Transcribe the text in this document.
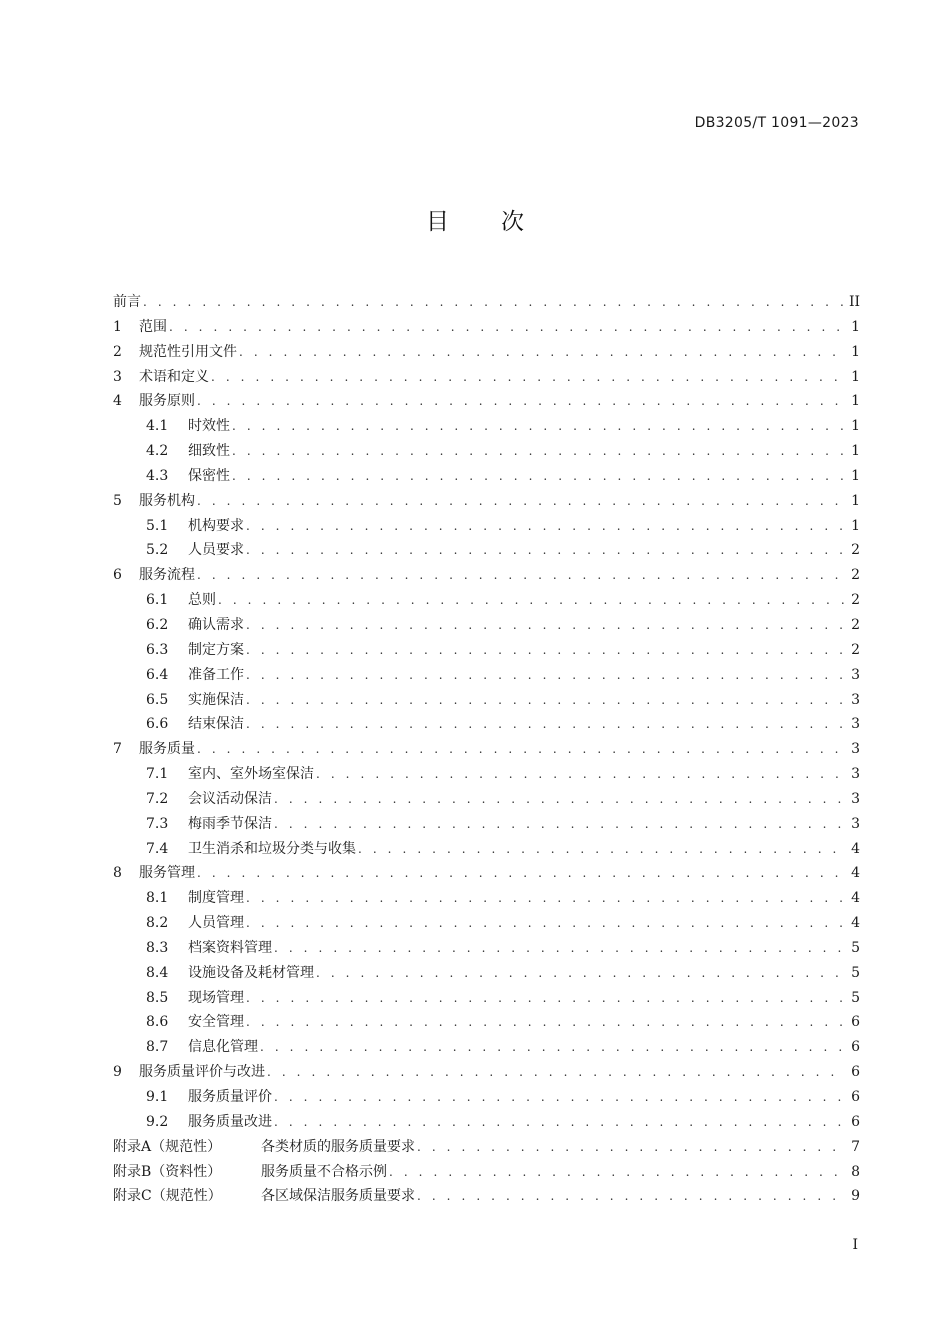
DB3205/T 1091—2023
目次
前言 . . .	II
1	范围 . . .	1
2	规范性引用文件 . . .	1
3	术语和定义 . . .	1
4	服务原则 . . .	1
4.1	时效性 . . .	1
4.2	细致性 . . .	1
4.3	保密性 . . .	1
5	服务机构 . . .	1
5.1	机构要求 . . .	1
5.2	人员要求 . . .	2
6	服务流程 . . .	2
6.1	总则 . . .	2
6.2	确认需求 . . .	2
6.3	制定方案 . . .	2
6.4	准备工作 . . .	3
6.5	实施保洁 . . .	3
6.6	结束保洁 . . .	3
7	服务质量 . . .	3
7.1	室内、室外场室保洁 . . .	3
7.2	会议活动保洁 . . .	3
7.3	梅雨季节保洁 . . .	3
7.4	卫生消杀和垃圾分类与收集 . . .	4
8	服务管理 . . .	4
8.1	制度管理 . . .	4
8.2	人员管理 . . .	4
8.3	档案资料管理 . . .	5
8.4	设施设备及耗材管理 . . .	5
8.5	现场管理 . . .	5
8.6	安全管理 . . .	6
8.7	信息化管理 . . .	6
9	服务质量评价与改进 . . .	6
9.1	服务质量评价 . . .	6
9.2	服务质量改进 . . .	6
附录A（规范性）	各类材质的服务质量要求 . . .	7
附录B（资料性）	服务质量不合格示例 . . .	8
附录C（规范性）	各区域保洁服务质量要求 . . .	9
I
